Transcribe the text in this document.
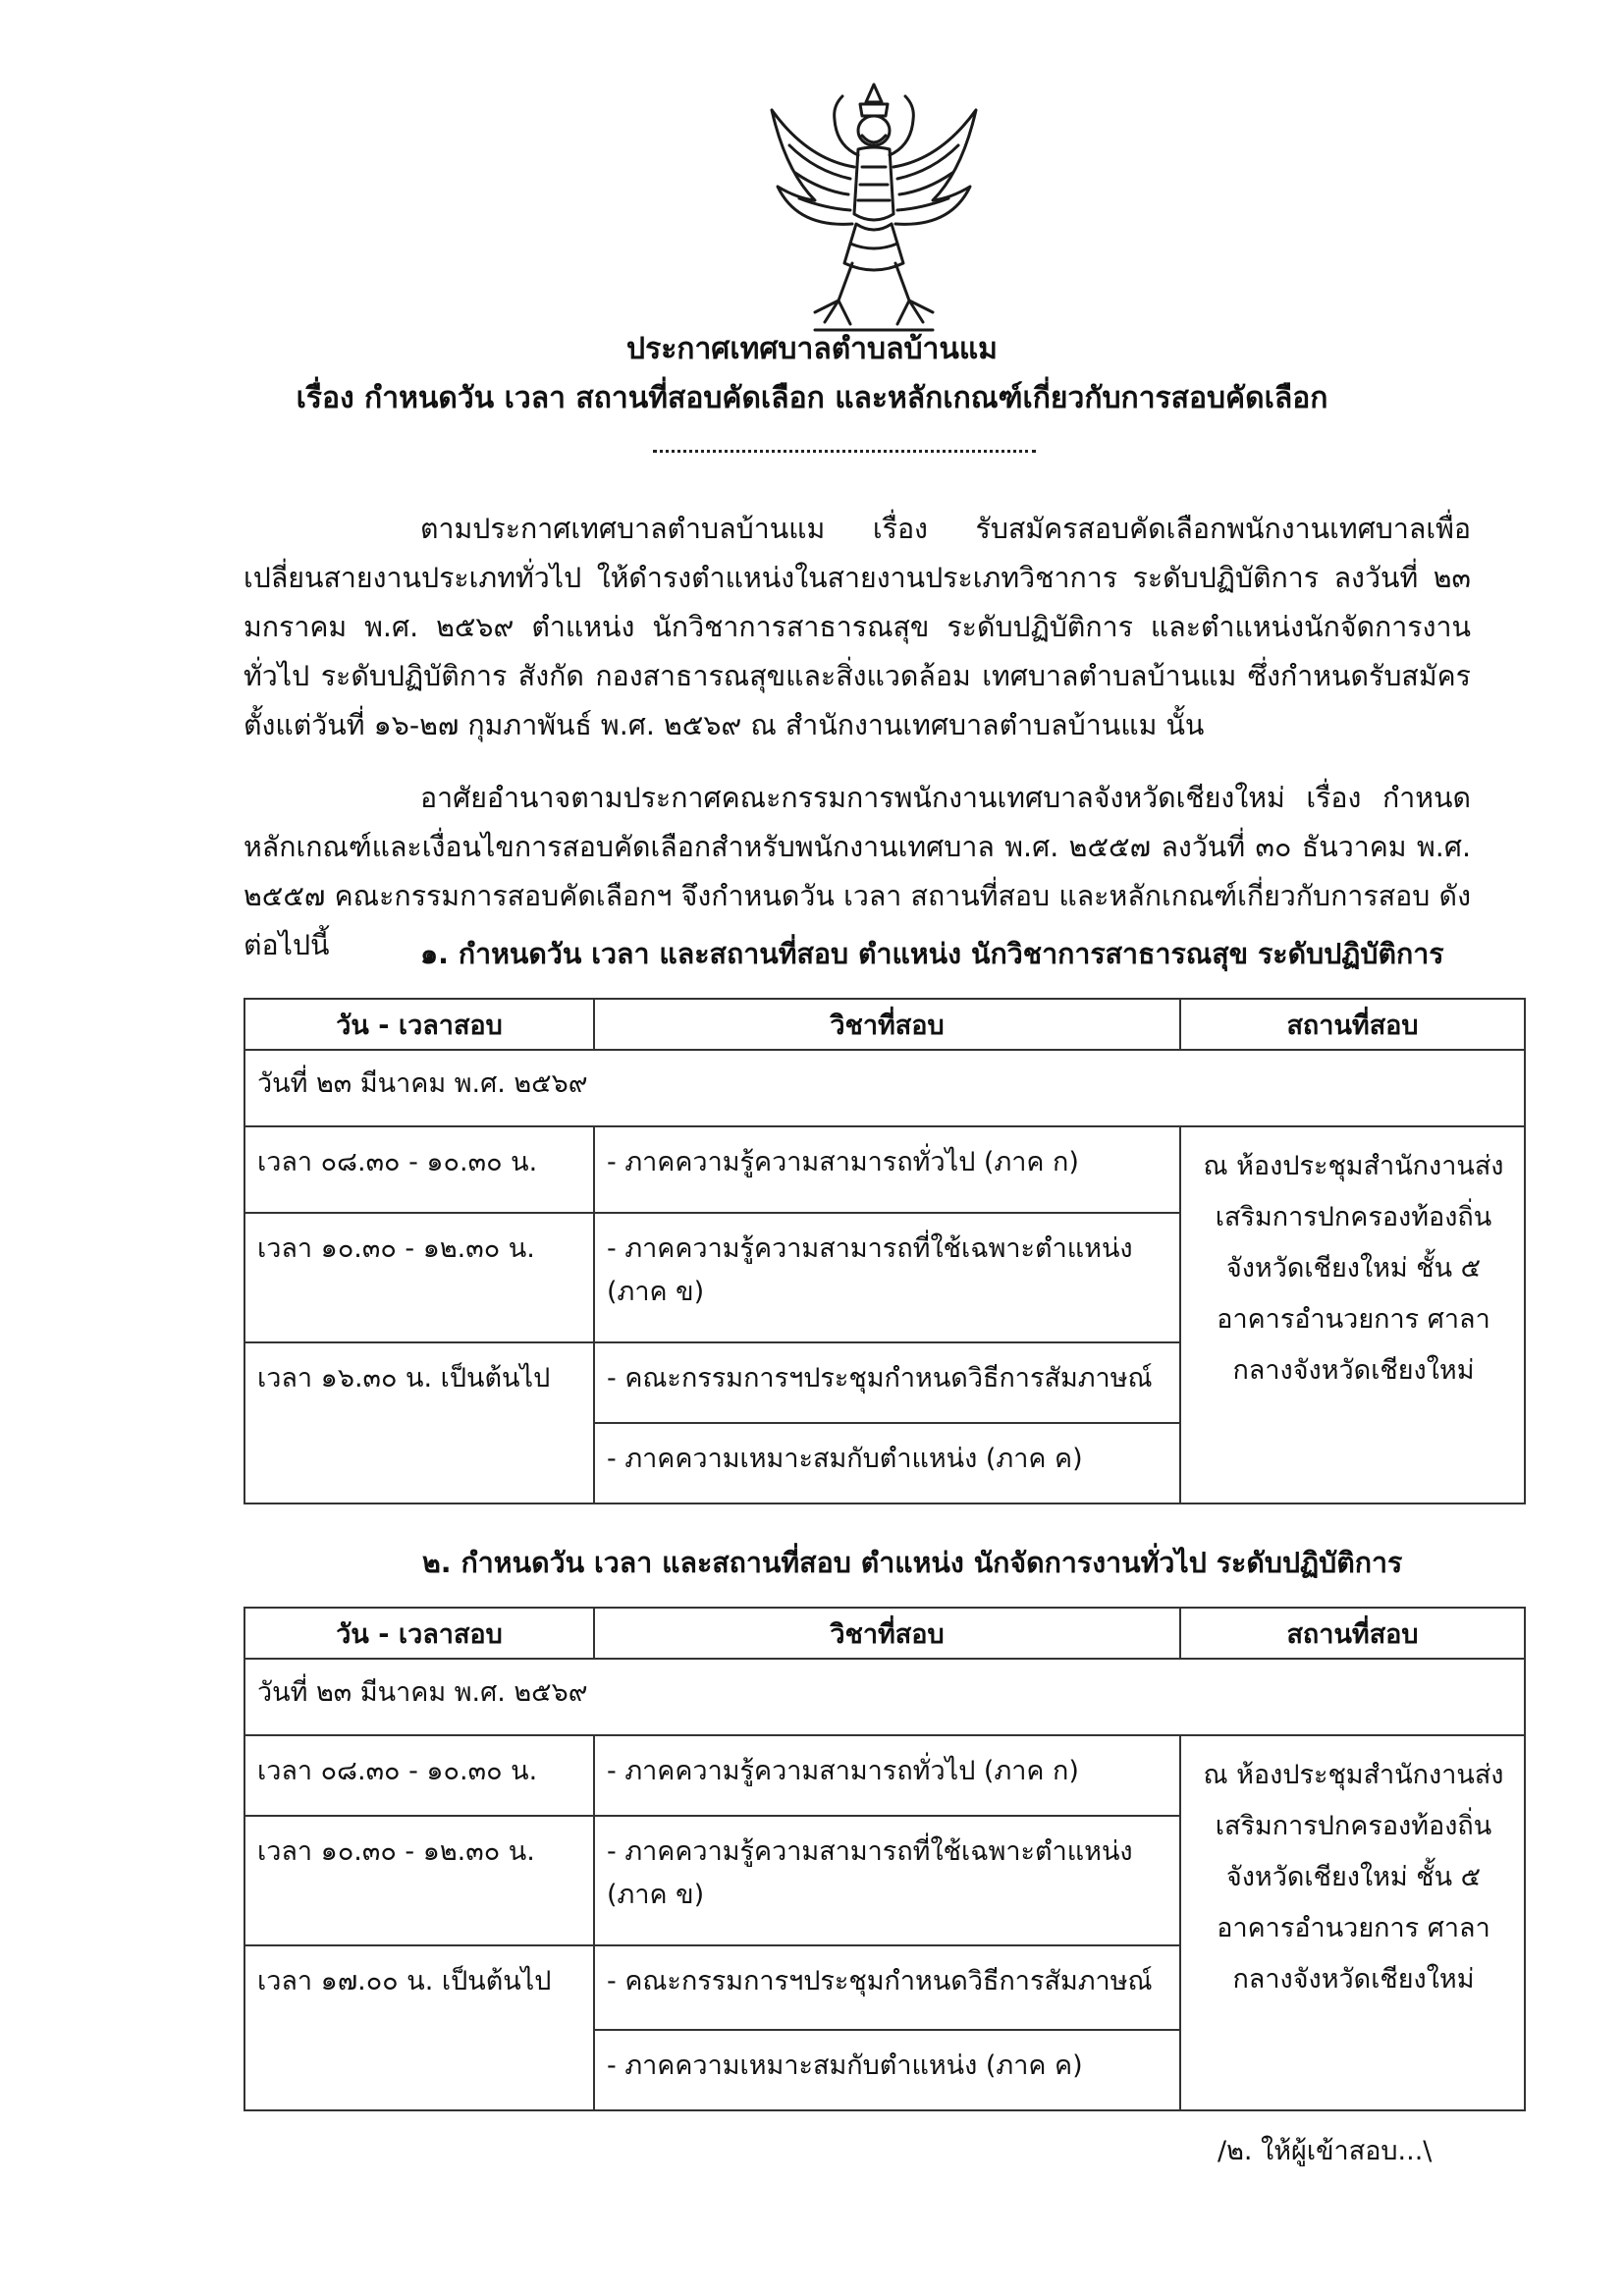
ประกาศเทศบาลตำบลบ้านแม
เรื่อง กำหนดวัน เวลา สถานที่สอบคัดเลือก และหลักเกณฑ์เกี่ยวกับการสอบคัดเลือก

ตามประกาศเทศบาลตำบลบ้านแม เรื่อง รับสมัครสอบคัดเลือกพนักงานเทศบาลเพื่อเปลี่ยนสายงานประเภททั่วไป ให้ดำรงตำแหน่งในสายงานประเภทวิชาการ ระดับปฏิบัติการ ลงวันที่ ๒๓ มกราคม พ.ศ. ๒๕๖๙ ตำแหน่ง นักวิชาการสาธารณสุข ระดับปฏิบัติการ และตำแหน่งนักจัดการงานทั่วไป ระดับปฏิบัติการ สังกัด กองสาธารณสุขและสิ่งแวดล้อม เทศบาลตำบลบ้านแม ซึ่งกำหนดรับสมัครตั้งแต่วันที่ ๑๖-๒๗ กุมภาพันธ์ พ.ศ. ๒๕๖๙ ณ สำนักงานเทศบาลตำบลบ้านแม นั้น

อาศัยอำนาจตามประกาศคณะกรรมการพนักงานเทศบาลจังหวัดเชียงใหม่ เรื่อง กำหนดหลักเกณฑ์และเงื่อนไขการสอบคัดเลือกสำหรับพนักงานเทศบาล พ.ศ. ๒๕๕๗ ลงวันที่ ๓๐ ธันวาคม พ.ศ. ๒๕๕๗ คณะกรรมการสอบคัดเลือกฯ จึงกำหนดวัน เวลา สถานที่สอบ และหลักเกณฑ์เกี่ยวกับการสอบ ดังต่อไปนี้	๑. กำหนดวัน เวลา และสถานที่สอบ ตำแหน่ง นักวิชาการสาธารณสุข ระดับปฏิบัติการ
วัน - เวลาสอบ	วิชาที่สอบ	สถานที่สอบ
วันที่ ๒๓ มีนาคม พ.ศ. ๒๕๖๙		
เวลา ๐๘.๓๐ - ๑๐.๓๐ น.	- ภาคความรู้ความสามารถทั่วไป (ภาค ก)	ณ ห้องประชุมสำนักงานส่งเสริมการปกครองท้องถิ่นจังหวัดเชียงใหม่ ชั้น ๕ อาคารอำนวยการ ศาลากลางจังหวัดเชียงใหม่
เวลา ๑๐.๓๐ - ๑๒.๓๐ น.	- ภาคความรู้ความสามารถที่ใช้เฉพาะตำแหน่ง (ภาค ข)	
เวลา ๑๖.๓๐ น. เป็นต้นไป	- คณะกรรมการฯประชุมกำหนดวิธีการสัมภาษณ์	
	- ภาคความเหมาะสมกับตำแหน่ง (ภาค ค)	
๒. กำหนดวัน เวลา และสถานที่สอบ ตำแหน่ง นักจัดการงานทั่วไป ระดับปฏิบัติการ
วัน - เวลาสอบ	วิชาที่สอบ	สถานที่สอบ
วันที่ ๒๓ มีนาคม พ.ศ. ๒๕๖๙		
เวลา ๐๘.๓๐ - ๑๐.๓๐ น.	- ภาคความรู้ความสามารถทั่วไป (ภาค ก)	ณ ห้องประชุมสำนักงานส่งเสริมการปกครองท้องถิ่นจังหวัดเชียงใหม่ ชั้น ๕ อาคารอำนวยการ ศาลากลางจังหวัดเชียงใหม่
เวลา ๑๐.๓๐ - ๑๒.๓๐ น.	- ภาคความรู้ความสามารถที่ใช้เฉพาะตำแหน่ง (ภาค ข)	
เวลา ๑๗.๐๐ น. เป็นต้นไป	- คณะกรรมการฯประชุมกำหนดวิธีการสัมภาษณ์	
	- ภาคความเหมาะสมกับตำแหน่ง (ภาค ค)	
/๒. ให้ผู้เข้าสอบ...\
